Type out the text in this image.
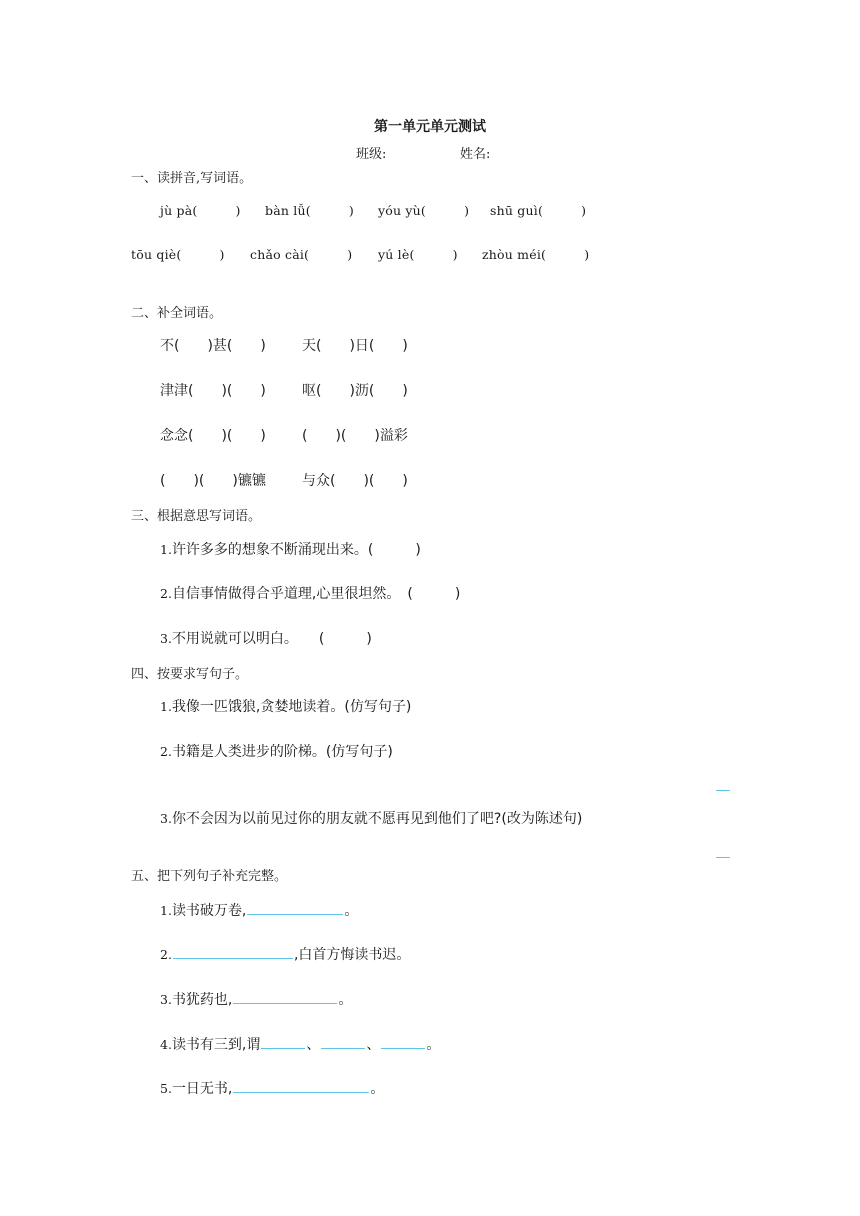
第一单元单元测试
班级:	姓名:
一、读拼音,写词语。
jù pà(　　　) bàn lǚ(　　　) yóu yù(　　　) shū guì(　　　)
tōu qiè(　　　) chǎo cài(　　　) yú lè(　　　) zhòu méi(　　　)
二、补全词语。
不(　　)甚(　　)	天(　　)日(　　)
津津(　　)(　　)	呕(　　)沥(　　)
念念(　　)(　　)	(　　)(　　)溢彩
(　　)(　　)镳镳	与众(　　)(　　)
三、根据意思写词语。
1.许许多多的想象不断涌现出来。(　　　)
2.自信事情做得合乎道理,心里很坦然。　(　　　)
3.不用说就可以明白。　　(　　　)
四、按要求写句子。
1.我像一匹饿狼,贪婪地读着。(仿写句子)
2.书籍是人类进步的阶梯。(仿写句子)
3.你不会因为以前见过你的朋友就不愿再见到他们了吧?(改为陈述句)
五、把下列句子补充完整。
1.读书破万卷,	。
2.	,白首方悔读书迟。
3.书犹药也,	。
4.读书有三到,谓	、	、	。
5.一日无书,	。
